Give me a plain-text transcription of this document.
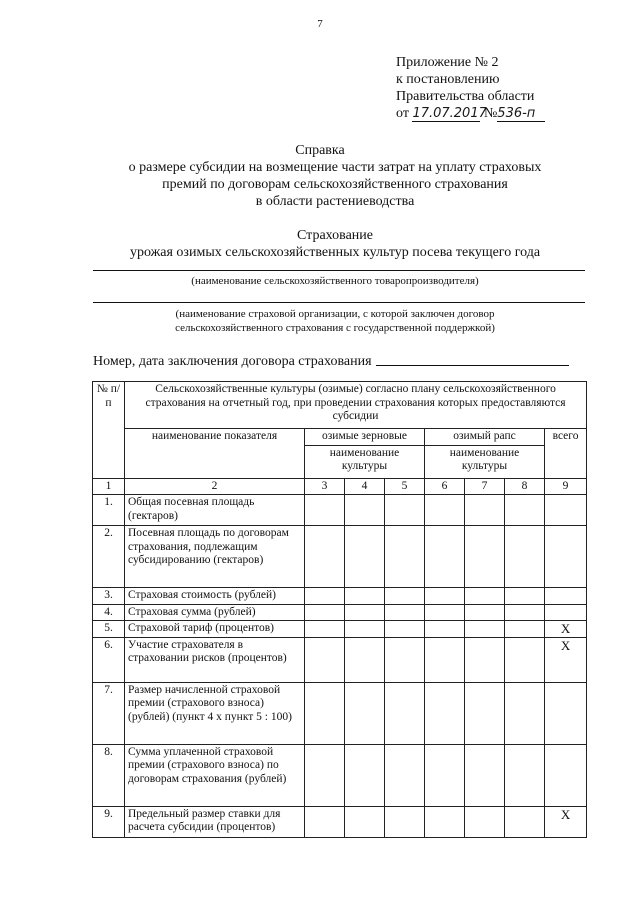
7
Приложение № 2
к постановлению
Правительства области
от 17.07.2017 №536-п
Справка
о размере субсидии на возмещение части затрат на уплату страховых
премий по договорам сельскохозяйственного страхования
в области растениеводства
Страхование
урожая озимых сельскохозяйственных культур посева текущего года
(наименование сельскохозяйственного товаропроизводителя)
(наименование страховой организации, с которой заключен договор
сельскохозяйственного страхования с государственной поддержкой)
Номер, дата заключения договора страхования
№ п/п	Сельскохозяйственные культуры (озимые) согласно плану сельскохозяйственного страхования на отчетный год, при проведении страхования которых предоставляются субсидии							
	наименование показателя	озимые зерновые			озимый рапс			всего
		наименование культуры			наименование культуры			
1	2	3	4	5	6	7	8	9
1.	Общая посевная площадь (гектаров)							
2.	Посевная площадь по договорам страхования, подлежащим субсидированию (гектаров)							
3.	Страховая стоимость (рублей)							
4.	Страховая сумма (рублей)							
5.	Страховой тариф (процентов)							X
6.	Участие страхователя в страховании рисков (процентов)							X
7.	Размер начисленной страховой премии (страхового взноса) (рублей) (пункт 4 х пункт 5 : 100)							
8.	Сумма уплаченной страховой премии (страхового взноса) по договорам страхования (рублей)							
9.	Предельный размер ставки для расчета субсидии (процентов)							X
